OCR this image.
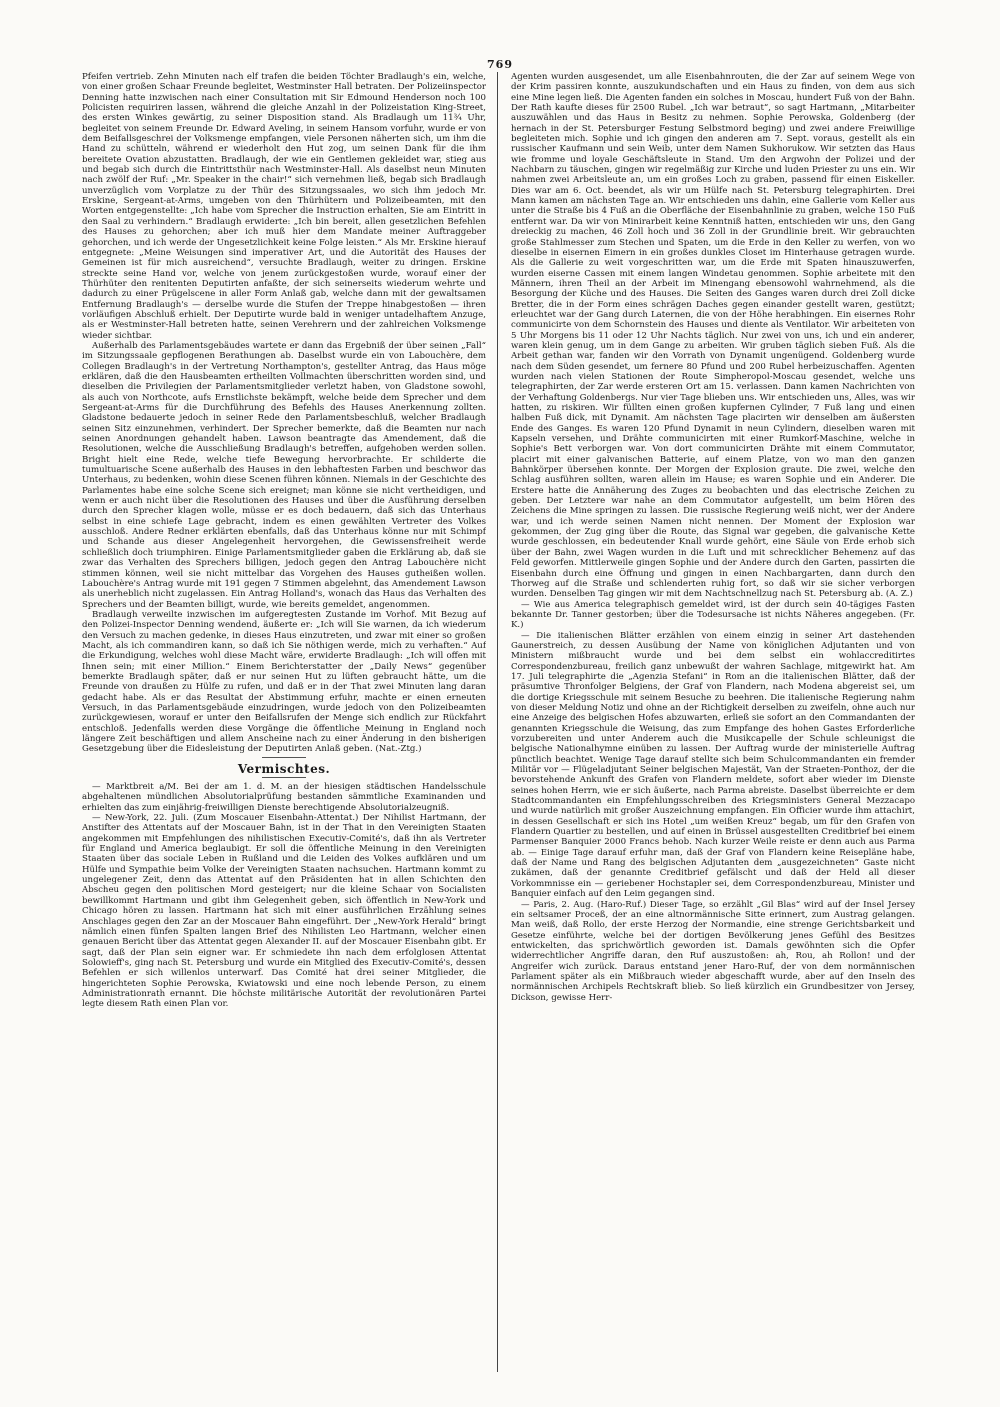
769

Pfeifen vertrieb. Zehn Minuten nach elf trafen die beiden Töchter Bradlaugh's ein, welche, von einer großen Schaar Freunde begleitet, Westminster Hall betraten. Der Polizeiinspector Denning hatte inzwischen nach einer Consultation mit Sir Edmound Henderson noch 100 Policisten requiriren lassen, während die gleiche Anzahl in der Polizeistation King-Street, des ersten Winkes gewärtig, zu seiner Disposition stand. Als Bradlaugh um 11¾ Uhr, begleitet von seinem Freunde Dr. Edward Aveling, in seinem Hansom vorfuhr, wurde er von dem Beifallsgeschrei der Volksmenge empfangen, viele Personen näherten sich, um ihm die Hand zu schütteln, während er wiederholt den Hut zog, um seinen Dank für die ihm bereitete Ovation abzustatten. Bradlaugh, der wie ein Gentlemen gekleidet war, stieg aus und begab sich durch die Eintrittsthür nach Westminster-Hall. Als daselbst neun Minuten nach zwölf der Ruf: „Mr. Speaker in the chair!“ sich vernehmen ließ, begab sich Bradlaugh unverzüglich vom Vorplatze zu der Thür des Sitzungssaales, wo sich ihm jedoch Mr. Erskine, Sergeant-at-Arms, umgeben von den Thürhütern und Polizeibeamten, mit den Worten entgegenstellte: „Ich habe vom Sprecher die Instruction erhalten, Sie am Eintritt in den Saal zu verhindern.“ Bradlaugh erwiderte: „Ich bin bereit, allen gesetzlichen Befehlen des Hauses zu gehorchen; aber ich muß hier dem Mandate meiner Auftraggeber gehorchen, und ich werde der Ungesetzlichkeit keine Folge leisten.“ Als Mr. Erskine hierauf entgegnete: „Meine Weisungen sind imperativer Art, und die Autorität des Hauses der Gemeinen ist für mich ausreichend“, versuchte Bradlaugh, weiter zu dringen. Erskine streckte seine Hand vor, welche von jenem zurückgestoßen wurde, worauf einer der Thürhüter den renitenten Deputirten anfaßte, der sich seinerseits wiederum wehrte und dadurch zu einer Prügelscene in aller Form Anlaß gab, welche dann mit der gewaltsamen Entfernung Bradlaugh's — derselbe wurde die Stufen der Treppe hinabgestoßen — ihren vorläufigen Abschluß erhielt. Der Deputirte wurde bald in weniger untadelhaftem Anzuge, als er Westminster-Hall betreten hatte, seinen Verehrern und der zahlreichen Volksmenge wieder sichtbar.

Außerhalb des Parlamentsgebäudes wartete er dann das Ergebniß der über seinen „Fall“ im Sitzungssaale gepflogenen Berathungen ab. Daselbst wurde ein von Labouchère, dem Collegen Bradlaugh's in der Vertretung Northampton's, gestellter Antrag, das Haus möge erklären, daß die den Hausbeamten ertheilten Vollmachten überschritten worden sind, und dieselben die Privilegien der Parlamentsmitglieder verletzt haben, von Gladstone sowohl, als auch von Northcote, aufs Ernstlichste bekämpft, welche beide dem Sprecher und dem Sergeant-at-Arms für die Durchführung des Befehls des Hauses Anerkennung zollten. Gladstone bedauerte jedoch in seiner Rede den Parlamentsbeschluß, welcher Bradlaugh seinen Sitz einzunehmen, verhindert. Der Sprecher bemerkte, daß die Beamten nur nach seinen Anordnungen gehandelt haben. Lawson beantragte das Amendement, daß die Resolutionen, welche die Ausschließung Bradlaugh's betreffen, aufgehoben werden sollen. Bright hielt eine Rede, welche tiefe Bewegung hervorbrachte. Er schilderte die tumultuarische Scene außerhalb des Hauses in den lebhaftesten Farben und beschwor das Unterhaus, zu bedenken, wohin diese Scenen führen können. Niemals in der Geschichte des Parlamentes habe eine solche Scene sich ereignet; man könne sie nicht vertheidigen, und wenn er auch nicht über die Resolutionen des Hauses und über die Ausführung derselben durch den Sprecher klagen wolle, müsse er es doch bedauern, daß sich das Unterhaus selbst in eine schiefe Lage gebracht, indem es einen gewählten Vertreter des Volkes ausschloß. Andere Redner erklärten ebenfalls, daß das Unterhaus könne nur mit Schimpf und Schande aus dieser Angelegenheit hervorgehen, die Gewissensfreiheit werde schließlich doch triumphiren. Einige Parlamentsmitglieder gaben die Erklärung ab, daß sie zwar das Verhalten des Sprechers billigen, jedoch gegen den Antrag Labouchère nicht stimmen können, weil sie nicht mittelbar das Vorgehen des Hauses gutheißen wollen. Labouchère's Antrag wurde mit 191 gegen 7 Stimmen abgelehnt, das Amendement Lawson als unerheblich nicht zugelassen. Ein Antrag Holland's, wonach das Haus das Verhalten des Sprechers und der Beamten billigt, wurde, wie bereits gemeldet, angenommen.

Bradlaugh verweilte inzwischen im aufgeregtesten Zustande im Vorhof. Mit Bezug auf den Polizei-Inspector Denning wendend, äußerte er: „Ich will Sie warnen, da ich wiederum den Versuch zu machen gedenke, in dieses Haus einzutreten, und zwar mit einer so großen Macht, als ich commandiren kann, so daß ich Sie nöthigen werde, mich zu verhaften.“ Auf die Erkundigung, welches wohl diese Macht wäre, erwiderte Bradlaugh: „Ich will offen mit Ihnen sein; mit einer Million.“ Einem Berichterstatter der „Daily News“ gegenüber bemerkte Bradlaugh später, daß er nur seinen Hut zu lüften gebraucht hätte, um die Freunde von draußen zu Hülfe zu rufen, und daß er in der That zwei Minuten lang daran gedacht habe. Als er das Resultat der Abstimmung erfuhr, machte er einen erneuten Versuch, in das Parlamentsgebäude einzudringen, wurde jedoch von den Polizeibeamten zurückgewiesen, worauf er unter den Beifallsrufen der Menge sich endlich zur Rückfahrt entschloß. Jedenfalls werden diese Vorgänge die öffentliche Meinung in England noch längere Zeit beschäftigen und allem Anscheine nach zu einer Änderung in den bisherigen Gesetzgebung über die Eidesleistung der Deputirten Anlaß geben. (Nat.-Ztg.)

Vermischtes.

— Marktbreit a/M. Bei der am 1. d. M. an der hiesigen städtischen Handelsschule abgehaltenen mündlichen Absolutorialprüfung bestanden sämmtliche Examinanden und erhielten das zum einjährig-freiwilligen Dienste berechtigende Absolutorialzeugniß.

— New-York, 22. Juli. (Zum Moscauer Eisenbahn-Attentat.) Der Nihilist Hartmann, der Anstifter des Attentats auf der Moscauer Bahn, ist in der That in den Vereinigten Staaten angekommen mit Empfehlungen des nihilistischen Executiv-Comité's, daß ihn als Vertreter für England und America beglaubigt. Er soll die öffentliche Meinung in den Vereinigten Staaten über das sociale Leben in Rußland und die Leiden des Volkes aufklären und um Hülfe und Sympathie beim Volke der Vereinigten Staaten nachsuchen. Hartmann kommt zu ungelegener Zeit, denn das Attentat auf den Präsidenten hat in allen Schichten den Abscheu gegen den politischen Mord gesteigert; nur die kleine Schaar von Socialisten bewillkommt Hartmann und gibt ihm Gelegenheit geben, sich öffentlich in New-York und Chicago hören zu lassen. Hartmann hat sich mit einer ausführlichen Erzählung seines Anschlages gegen den Zar an der Moscauer Bahn eingeführt. Der „New-York Herald“ bringt nämlich einen fünfen Spalten langen Brief des Nihilisten Leo Hartmann, welcher einen genauen Bericht über das Attentat gegen Alexander II. auf der Moscauer Eisenbahn gibt. Er sagt, daß der Plan sein eigner war. Er schmiedete ihn nach dem erfolglosen Attentat Solowieff's, ging nach St. Petersburg und wurde ein Mitglied des Executiv-Comité's, dessen Befehlen er sich willenlos unterwarf. Das Comité hat drei seiner Mitglieder, die hingerichteten Sophie Perowska, Kwiatowski und eine noch lebende Person, zu einem Administrationrath ernannt. Die höchste militärische Autorität der revolutionären Partei legte diesem Rath einen Plan vor.

Agenten wurden ausgesendet, um alle Eisenbahnrouten, die der Zar auf seinem Wege von der Krim passiren konnte, auszukundschaften und ein Haus zu finden, von dem aus sich eine Mine legen ließ. Die Agenten fanden ein solches in Moscau, hundert Fuß von der Bahn. Der Rath kaufte dieses für 2500 Rubel. „Ich war betraut“, so sagt Hartmann, „Mitarbeiter auszuwählen und das Haus in Besitz zu nehmen. Sophie Perowska, Goldenberg (der hernach in der St. Petersburger Festung Selbstmord beging) und zwei andere Freiwillige begleiteten mich. Sophie und ich gingen den anderen am 7. Sept. voraus, gestellt als ein russischer Kaufmann und sein Weib, unter dem Namen Sukhorukow. Wir setzten das Haus wie fromme und loyale Geschäftsleute in Stand. Um den Argwohn der Polizei und der Nachbarn zu täuschen, gingen wir regelmäßig zur Kirche und luden Priester zu uns ein. Wir nahmen zwei Arbeitsleute an, um ein großes Loch zu graben, passend für einen Eiskeller. Dies war am 6. Oct. beendet, als wir um Hülfe nach St. Petersburg telegraphirten. Drei Mann kamen am nächsten Tage an. Wir entschieden uns dahin, eine Gallerie vom Keller aus unter die Straße bis 4 Fuß an die Oberfläche der Eisenbahnlinie zu graben, welche 150 Fuß entfernt war. Da wir von Minirarbeit keine Kenntniß hatten, entschieden wir uns, den Gang dreieckig zu machen, 46 Zoll hoch und 36 Zoll in der Grundlinie breit. Wir gebrauchten große Stahlmesser zum Stechen und Spaten, um die Erde in den Keller zu werfen, von wo dieselbe in eisernen Eimern in ein großes dunkles Closet im Hinterhause getragen wurde. Als die Gallerie zu weit vorgeschritten war, um die Erde mit Spaten hinauszuwerfen, wurden eiserne Cassen mit einem langen Windetau genommen. Sophie arbeitete mit den Männern, ihren Theil an der Arbeit im Minengang ebensowohl wahrnehmend, als die Besorgung der Küche und des Hauses. Die Seiten des Ganges waren durch drei Zoll dicke Bretter, die in der Form eines schrägen Daches gegen einander gestellt waren, gestützt; erleuchtet war der Gang durch Laternen, die von der Höhe herabhingen. Ein eisernes Rohr communicirte von dem Schornstein des Hauses und diente als Ventilator. Wir arbeiteten von 5 Uhr Morgens bis 11 oder 12 Uhr Nachts täglich. Nur zwei von uns, ich und ein anderer, waren klein genug, um in dem Gange zu arbeiten. Wir gruben täglich sieben Fuß. Als die Arbeit gethan war, fanden wir den Vorrath von Dynamit ungenügend. Goldenberg wurde nach dem Süden gesendet, um fernere 80 Pfund und 200 Rubel herbeizuschaffen. Agenten wurden nach vielen Stationen der Route Simpheropol-Moscau gesendet, welche uns telegraphirten, der Zar werde ersteren Ort am 15. verlassen. Dann kamen Nachrichten von der Verhaftung Goldenbergs. Nur vier Tage blieben uns. Wir entschieden uns, Alles, was wir hatten, zu riskiren. Wir füllten einen großen kupfernen Cylinder, 7 Fuß lang und einen halben Fuß dick, mit Dynamit. Am nächsten Tage placirten wir denselben am äußersten Ende des Ganges. Es waren 120 Pfund Dynamit in neun Cylindern, dieselben waren mit Kapseln versehen, und Drähte communicirten mit einer Rumkorf-Maschine, welche in Sophie's Bett verborgen war. Von dort communicirten Drähte mit einem Commutator, placirt mit einer galvanischen Batterie, auf einem Platze, von wo man den ganzen Bahnkörper übersehen konnte. Der Morgen der Explosion graute. Die zwei, welche den Schlag ausführen sollten, waren allein im Hause; es waren Sophie und ein Anderer. Die Erstere hatte die Annäherung des Zuges zu beobachten und das electrische Zeichen zu geben. Der Letztere war nahe an dem Commutator aufgestellt, um beim Hören des Zeichens die Mine springen zu lassen. Die russische Regierung weiß nicht, wer der Andere war, und ich werde seinen Namen nicht nennen. Der Moment der Explosion war gekommen, der Zug ging über die Route, das Signal war gegeben, die galvanische Kette wurde geschlossen, ein bedeutender Knall wurde gehört, eine Säule von Erde erhob sich über der Bahn, zwei Wagen wurden in die Luft und mit schrecklicher Behemenz auf das Feld geworfen. Mittlerweile gingen Sophie und der Andere durch den Garten, passirten die Eisenbahn durch eine Öffnung und gingen in einen Nachbargarten, dann durch den Thorweg auf die Straße und schlenderten ruhig fort, so daß wir sie sicher verborgen wurden. Denselben Tag gingen wir mit dem Nachtschnellzug nach St. Petersburg ab. (A. Z.)

— Wie aus America telegraphisch gemeldet wird, ist der durch sein 40-tägiges Fasten bekannte Dr. Tanner gestorben; über die Todesursache ist nichts Näheres angegeben. (Fr. K.)

— Die italienischen Blätter erzählen von einem einzig in seiner Art dastehenden Gaunerstreich, zu dessen Ausübung der Name von königlichen Adjutanten und von Ministern mißbraucht wurde und bei dem selbst ein wohlaccreditirtes Correspondenzbureau, freilich ganz unbewußt der wahren Sachlage, mitgewirkt hat. Am 17. Juli telegraphirte die „Agenzia Stefani“ in Rom an die italienischen Blätter, daß der präsumtive Thronfolger Belgiens, der Graf von Flandern, nach Modena abgereist sei, um die dortige Kriegsschule mit seinem Besuche zu beehren. Die italienische Regierung nahm von dieser Meldung Notiz und ohne an der Richtigkeit derselben zu zweifeln, ohne auch nur eine Anzeige des belgischen Hofes abzuwarten, erließ sie sofort an den Commandanten der genannten Kriegsschule die Weisung, das zum Empfange des hohen Gastes Erforderliche vorzubereiten und unter Anderem auch die Musikcapelle der Schule schleunigst die belgische Nationalhymne einüben zu lassen. Der Auftrag wurde der ministerielle Auftrag pünctlich beachtet. Wenige Tage darauf stellte sich beim Schulcommandanten ein fremder Militär vor — Flügeladjutant Seiner belgischen Majestät, Van der Straeten-Ponthoz, der die bevorstehende Ankunft des Grafen von Flandern meldete, sofort aber wieder im Dienste seines hohen Herrn, wie er sich äußerte, nach Parma abreiste. Daselbst überreichte er dem Stadtcommandanten ein Empfehlungsschreiben des Kriegsministers General Mezzacapo und wurde natürlich mit großer Auszeichnung empfangen. Ein Officier wurde ihm attachirt, in dessen Gesellschaft er sich ins Hotel „um weißen Kreuz“ begab, um für den Grafen von Flandern Quartier zu bestellen, und auf einen in Brüssel ausgestellten Creditbrief bei einem Parmenser Banquier 2000 Francs behob. Nach kurzer Weile reiste er denn auch aus Parma ab. — Einige Tage darauf erfuhr man, daß der Graf von Flandern keine Reisepläne habe, daß der Name und Rang des belgischen Adjutanten dem „ausgezeichneten“ Gaste nicht zukämen, daß der genannte Creditbrief gefälscht und daß der Held all dieser Vorkommnisse ein — geriebener Hochstapler sei, dem Correspondenzbureau, Minister und Banquier einfach auf den Leim gegangen sind.

— Paris, 2. Aug. (Haro-Ruf.) Dieser Tage, so erzählt „Gil Blas“ wird auf der Insel Jersey ein seltsamer Proceß, der an eine altnormännische Sitte erinnert, zum Austrag gelangen. Man weiß, daß Rollo, der erste Herzog der Normandie, eine strenge Gerichtsbarkeit und Gesetze einführte, welche bei der dortigen Bevölkerung jenes Gefühl des Besitzes entwickelten, das sprichwörtlich geworden ist. Damals gewöhnten sich die Opfer widerrechtlicher Angriffe daran, den Ruf auszustoßen: ah, Rou, ah Rollon! und der Angreifer wich zurück. Daraus entstand jener Haro-Ruf, der von dem normännischen Parlament später als ein Mißbrauch wieder abgeschafft wurde, aber auf den Inseln des normännischen Archipels Rechtskraft blieb. So ließ kürzlich ein Grundbesitzer von Jersey, Dickson, gewisse Herr-
